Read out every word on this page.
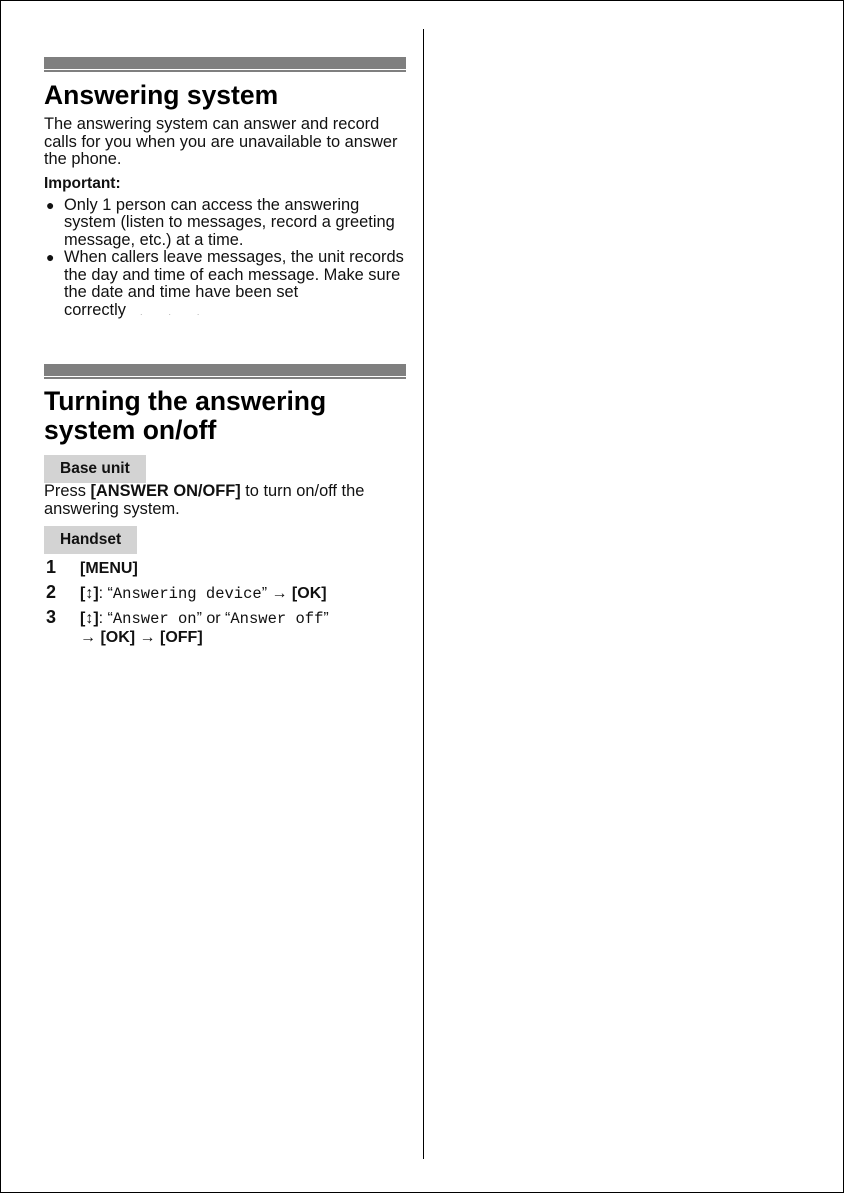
Answering system

The answering system can answer and record calls for you when you are unavailable to answer the phone.

Important:

● Only 1 person can access the answering system (listen to messages, record a greeting message, etc.) at a time.
● When callers leave messages, the unit records the day and time of each message. Make sure the date and time have been set correctly . . .
Turning the answering
system on/off
Base unit

Press [ANSWER ON/OFF] to turn on/off the answering system.

Handset
1 [MENU]
2 [↕]: “Answering device” → [OK]
3 [↕]: “Answer on” or “Answer off”
→ [OK] → [OFF]
